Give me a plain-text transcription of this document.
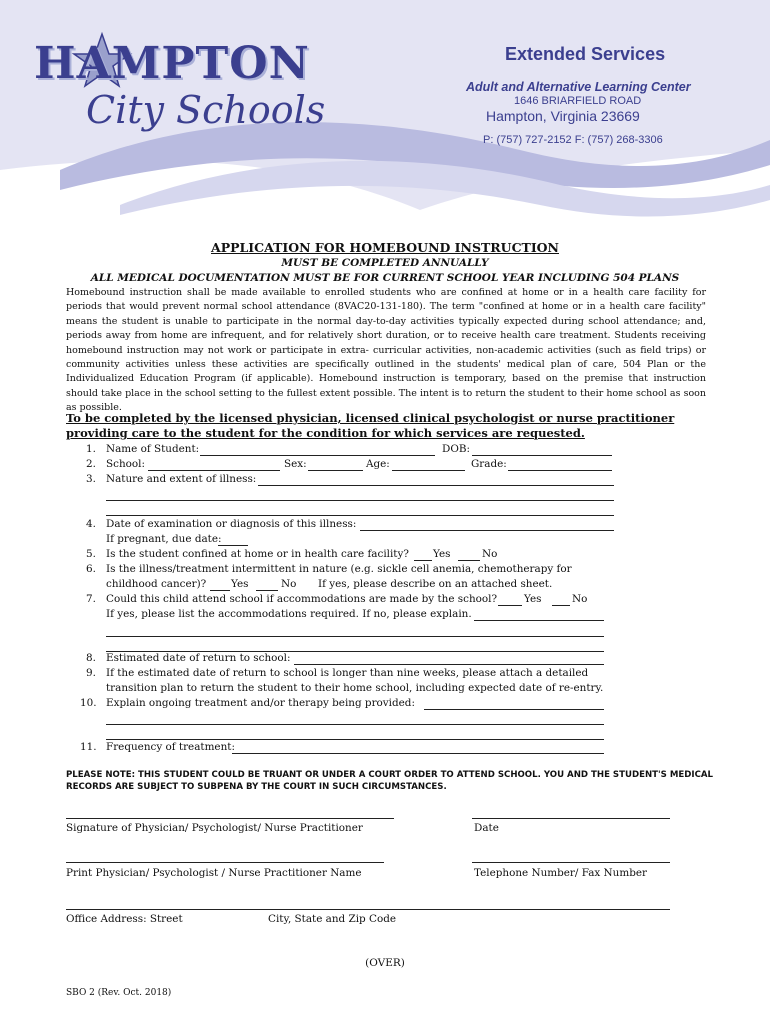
HAMPTON
City Schools
Extended Services
Adult and Alternative Learning Center
1646 BRIARFIELD ROAD
Hampton, Virginia 23669
P: (757) 727-2152 F: (757) 268-3306
APPLICATION FOR HOMEBOUND INSTRUCTION
MUST BE COMPLETED ANNUALLY
ALL MEDICAL DOCUMENTATION MUST BE FOR CURRENT SCHOOL YEAR INCLUDING 504 PLANS
Homebound instruction shall be made available to enrolled students who are confined at home or in a health care facility for periods that would prevent normal school attendance (8VAC20-131-180). The term "confined at home or in a health care facility" means the student is unable to participate in the normal day-to-day activities typically expected during school attendance; and, periods away from home are infrequent, and for relatively short duration, or to receive health care treatment. Students receiving homebound instruction may not work or participate in extra- curricular activities, non-academic activities (such as field trips) or community activities unless these activities are specifically outlined in the students' medical plan of care, 504 Plan or the Individualized Education Program (if applicable). Homebound instruction is temporary, based on the premise that instruction should take place in the school setting to the fullest extent possible. The intent is to return the student to their home school as soon as possible.
To be completed by the licensed physician, licensed clinical psychologist or nurse practitioner providing care to the student for the condition for which services are requested.
1. Name of Student:	DOB:
2. School:	Sex:	Age:	Grade:
3. Nature and extent of illness:
4. Date of examination or diagnosis of this illness:
If pregnant, due date:
5. Is the student confined at home or in health care facility? Yes	No
6. Is the illness/treatment intermittent in nature (e.g. sickle cell anemia, chemotherapy for
childhood cancer)? Yes	No If yes, please describe on an attached sheet.
7. Could this child attend school if accommodations are made by the school?	Yes	No
If yes, please list the accommodations required. If no, please explain.
8. Estimated date of return to school:
9. If the estimated date of return to school is longer than nine weeks, please attach a detailed
transition plan to return the student to their home school, including expected date of re-entry.
10. Explain ongoing treatment and/or therapy being provided:
11. Frequency of treatment:
PLEASE NOTE: THIS STUDENT COULD BE TRUANT OR UNDER A COURT ORDER TO ATTEND SCHOOL. YOU AND THE STUDENT'S MEDICAL RECORDS ARE SUBJECT TO SUBPENA BY THE COURT IN SUCH CIRCUMSTANCES.
Signature of Physician/ Psychologist/ Nurse Practitioner	Date
Print Physician/ Psychologist / Nurse Practitioner Name	Telephone Number/ Fax Number
Office Address: Street	City, State and Zip Code
(OVER)
SBO 2 (Rev. Oct. 2018)
